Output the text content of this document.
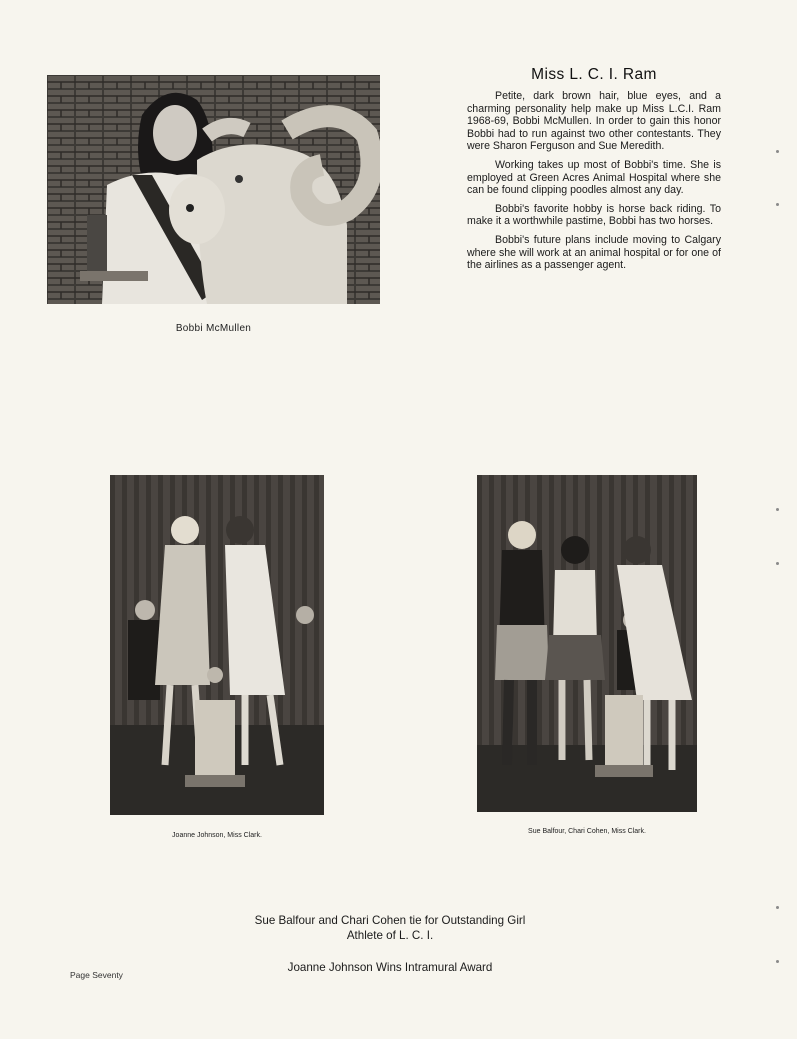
Bobbi McMullen
Miss L. C. I. Ram

Petite, dark brown hair, blue eyes, and a charming personality help make up Miss L.C.I. Ram 1968-69, Bobbi McMullen. In order to gain this honor Bobbi had to run against two other contestants. They were Sharon Ferguson and Sue Meredith.

Working takes up most of Bobbi's time. She is employed at Green Acres Animal Hospital where she can be found clipping poodles almost any day.

Bobbi's favorite hobby is horse back riding. To make it a worthwhile pastime, Bobbi has two horses.

Bobbi's future plans include moving to Calgary where she will work at an animal hospital or for one of the airlines as a passenger agent.

Joanne Johnson, Miss Clark.
Sue Balfour, Chari Cohen, Miss Clark.
Sue Balfour and Chari Cohen tie for Outstanding Girl
Athlete of L. C. I.
Joanne Johnson Wins Intramural Award
Page Seventy
